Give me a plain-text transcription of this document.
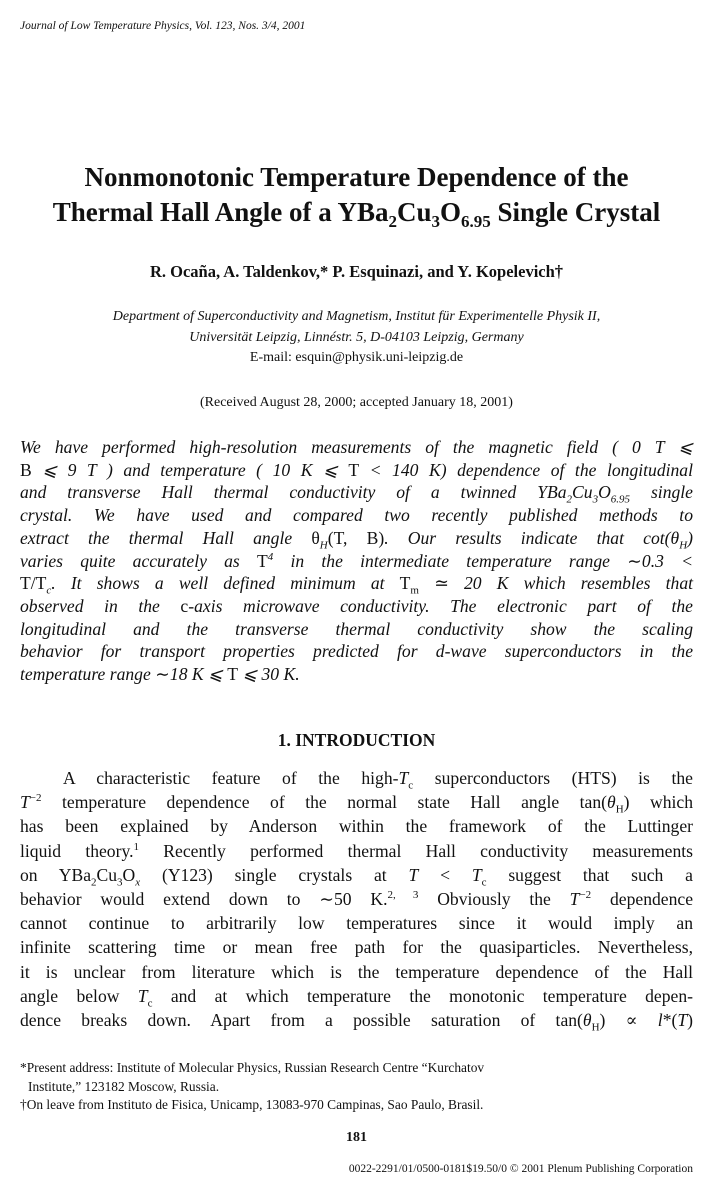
Journal of Low Temperature Physics, Vol. 123, Nos. 3/4, 2001
Nonmonotonic Temperature Dependence of the
Thermal Hall Angle of a $YBa_2Cu_3O_{6.95}$ Single Crystal
R. Ocaña, A. Taldenkov,* P. Esquinazi, and Y. Kopelevich†
Department of Superconductivity and Magnetism, Institut für Experimentelle Physik II,
Universität Leipzig, Linnéstr. 5, D-04103 Leipzig, Germany
E-mail: esquin@physik.uni-leipzig.de
(Received August 28, 2000; accepted January 18, 2001)
We have performed high-resolution measurements of the magnetic field ( 0 T ⩽
B ⩽ 9 T ) and temperature ( 10 K ⩽ T < 140 K) dependence of the longitudinal
and transverse Hall thermal conductivity of a twinned $YBa_2Cu_3O_{6.95}$ single
crystal. We have used and compared two recently published methods to
extract the thermal Hall angle $\theta_H(T$, B). Our results indicate that $\cot(\theta_H)$
varies quite accurately as $T^4$ in the intermediate temperature range ∼0.3 <
$T/T_c$. It shows a well defined minimum at $T_m$ ≃ 20 K which resembles that
observed in the c-axis microwave conductivity. The electronic part of the
longitudinal and the transverse thermal conductivity show the scaling
behavior for transport properties predicted for d-wave superconductors in the
temperature range ∼18 K ⩽ T ⩽ 30 K.
1. INTRODUCTION
A characteristic feature of the high-$T_c$ superconductors (HTS) is the
$T^{-2}$ temperature dependence of the normal state Hall angle $\tan(\theta_H)$ which
has been explained by Anderson within the framework of the Luttinger
liquid theory.$^1$ Recently performed thermal Hall conductivity measurements
on $YBa_2Cu_3O_x$ (Y123) single crystals at $T < T_c$ suggest that such a
behavior would extend down to ∼50 K.$^{2, 3}$ Obviously the $T^{-2}$ dependence
cannot continue to arbitrarily low temperatures since it would imply an
infinite scattering time or mean free path for the quasiparticles. Nevertheless,
it is unclear from literature which is the temperature dependence of the Hall
angle below $T_c$ and at which temperature the monotonic temperature depen-
dence breaks down. Apart from a possible saturation of $\tan(\theta_H) \propto l*(T)$
*Present address: Institute of Molecular Physics, Russian Research Centre “Kurchatov
Institute,” 123182 Moscow, Russia.
†On leave from Instituto de Fisica, Unicamp, 13083-970 Campinas, Sao Paulo, Brasil.
181
0022-2291/01/0500-0181$19.50/0 © 2001 Plenum Publishing Corporation
